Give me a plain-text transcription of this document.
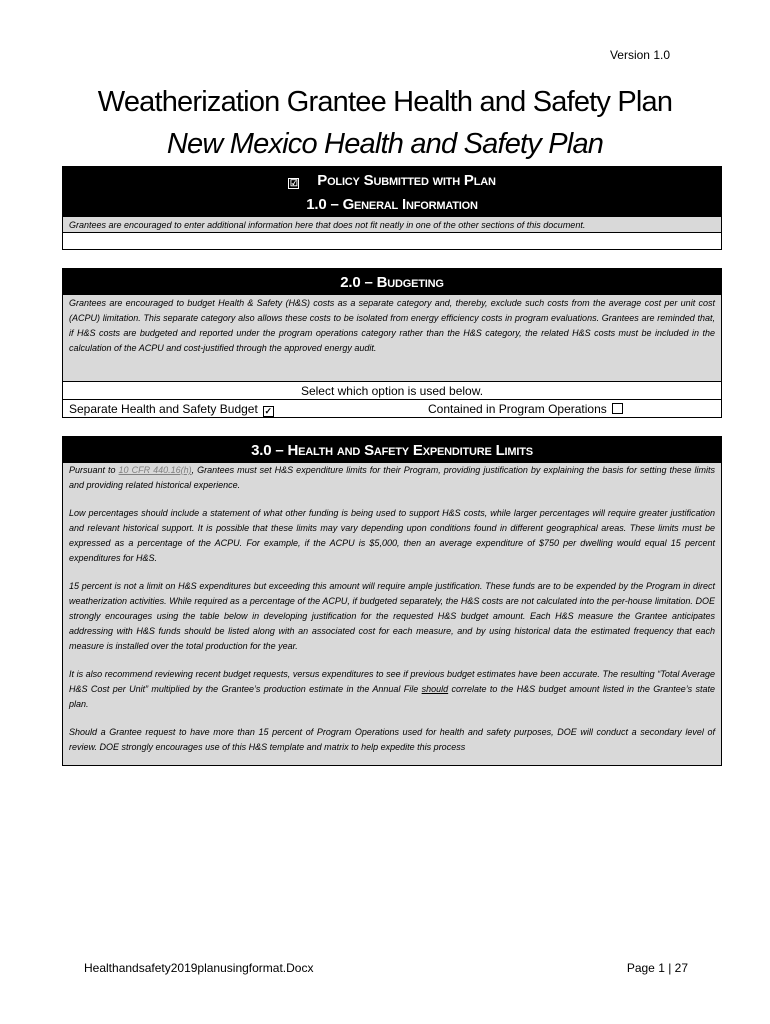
Version 1.0
Weatherization Grantee Health and Safety Plan
New Mexico Health and Safety Plan
☑ Policy Submitted with Plan
1.0 – General Information
Grantees are encouraged to enter additional information here that does not fit neatly in one of the other sections of this document.
2.0 – Budgeting

Grantees are encouraged to budget Health & Safety (H&S) costs as a separate category and, thereby, exclude such costs from the average cost per unit cost (ACPU) limitation. This separate category also allows these costs to be isolated from energy efficiency costs in program evaluations. Grantees are reminded that, if H&S costs are budgeted and reported under the program operations category rather than the H&S category, the related H&S costs must be included in the calculation of the ACPU and cost-justified through the approved energy audit.

Select which option is used below.
Separate Health and Safety Budget ✓	Contained in Program Operations
3.0 – Health and Safety Expenditure Limits

Pursuant to 10 CFR 440.16(h), Grantees must set H&S expenditure limits for their Program, providing justification by explaining the basis for setting these limits and providing related historical experience.

Low percentages should include a statement of what other funding is being used to support H&S costs, while larger percentages will require greater justification and relevant historical support. It is possible that these limits may vary depending upon conditions found in different geographical areas. These limits must be expressed as a percentage of the ACPU. For example, if the ACPU is $5,000, then an average expenditure of $750 per dwelling would equal 15 percent expenditures for H&S.

15 percent is not a limit on H&S expenditures but exceeding this amount will require ample justification. These funds are to be expended by the Program in direct weatherization activities. While required as a percentage of the ACPU, if budgeted separately, the H&S costs are not calculated into the per-house limitation. DOE strongly encourages using the table below in developing justification for the requested H&S budget amount. Each H&S measure the Grantee anticipates addressing with H&S funds should be listed along with an associated cost for each measure, and by using historical data the estimated frequency that each measure is installed over the total production for the year.

It is also recommend reviewing recent budget requests, versus expenditures to see if previous budget estimates have been accurate. The resulting “Total Average H&S Cost per Unit” multiplied by the Grantee’s production estimate in the Annual File should correlate to the H&S budget amount listed in the Grantee’s state plan.

Should a Grantee request to have more than 15 percent of Program Operations used for health and safety purposes, DOE will conduct a secondary level of review. DOE strongly encourages use of this H&S template and matrix to help expedite this process

Healthandsafety2019planusingformat.Docx	Page 1 | 27
